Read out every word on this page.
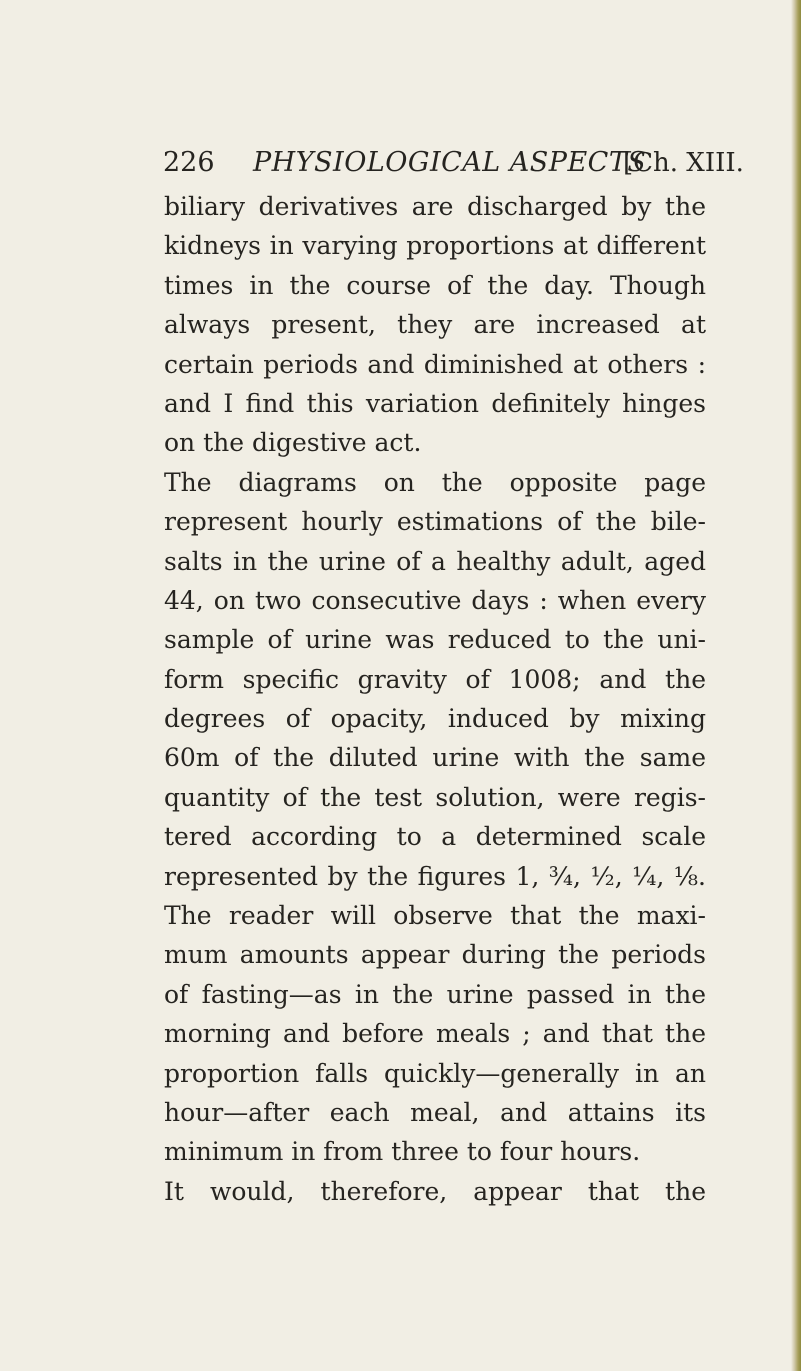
226 PHYSIOLOGICAL ASPECTS
[Ch. XIII.
biliary derivatives are discharged by the
kidneys in varying proportions at different
times in the course of the day. Though
always present, they are increased at
certain periods and diminished at others :
and I find this variation definitely hinges
on the digestive act.
The diagrams on the opposite page
represent hourly estimations of the bile-
salts in the urine of a healthy adult, aged
44, on two consecutive days : when every
sample of urine was reduced to the uni-
form specific gravity of 1008; and the
degrees of opacity, induced by mixing
60m of the diluted urine with the same
quantity of the test solution, were regis-
tered according to a determined scale
represented by the figures 1, ¾, ½, ¼, ⅛.
The reader will observe that the maxi-
mum amounts appear during the periods
of fasting—as in the urine passed in the
morning and before meals ; and that the
proportion falls quickly—generally in an
hour—after each meal, and attains its
minimum in from three to four hours.
It would, therefore, appear that the
